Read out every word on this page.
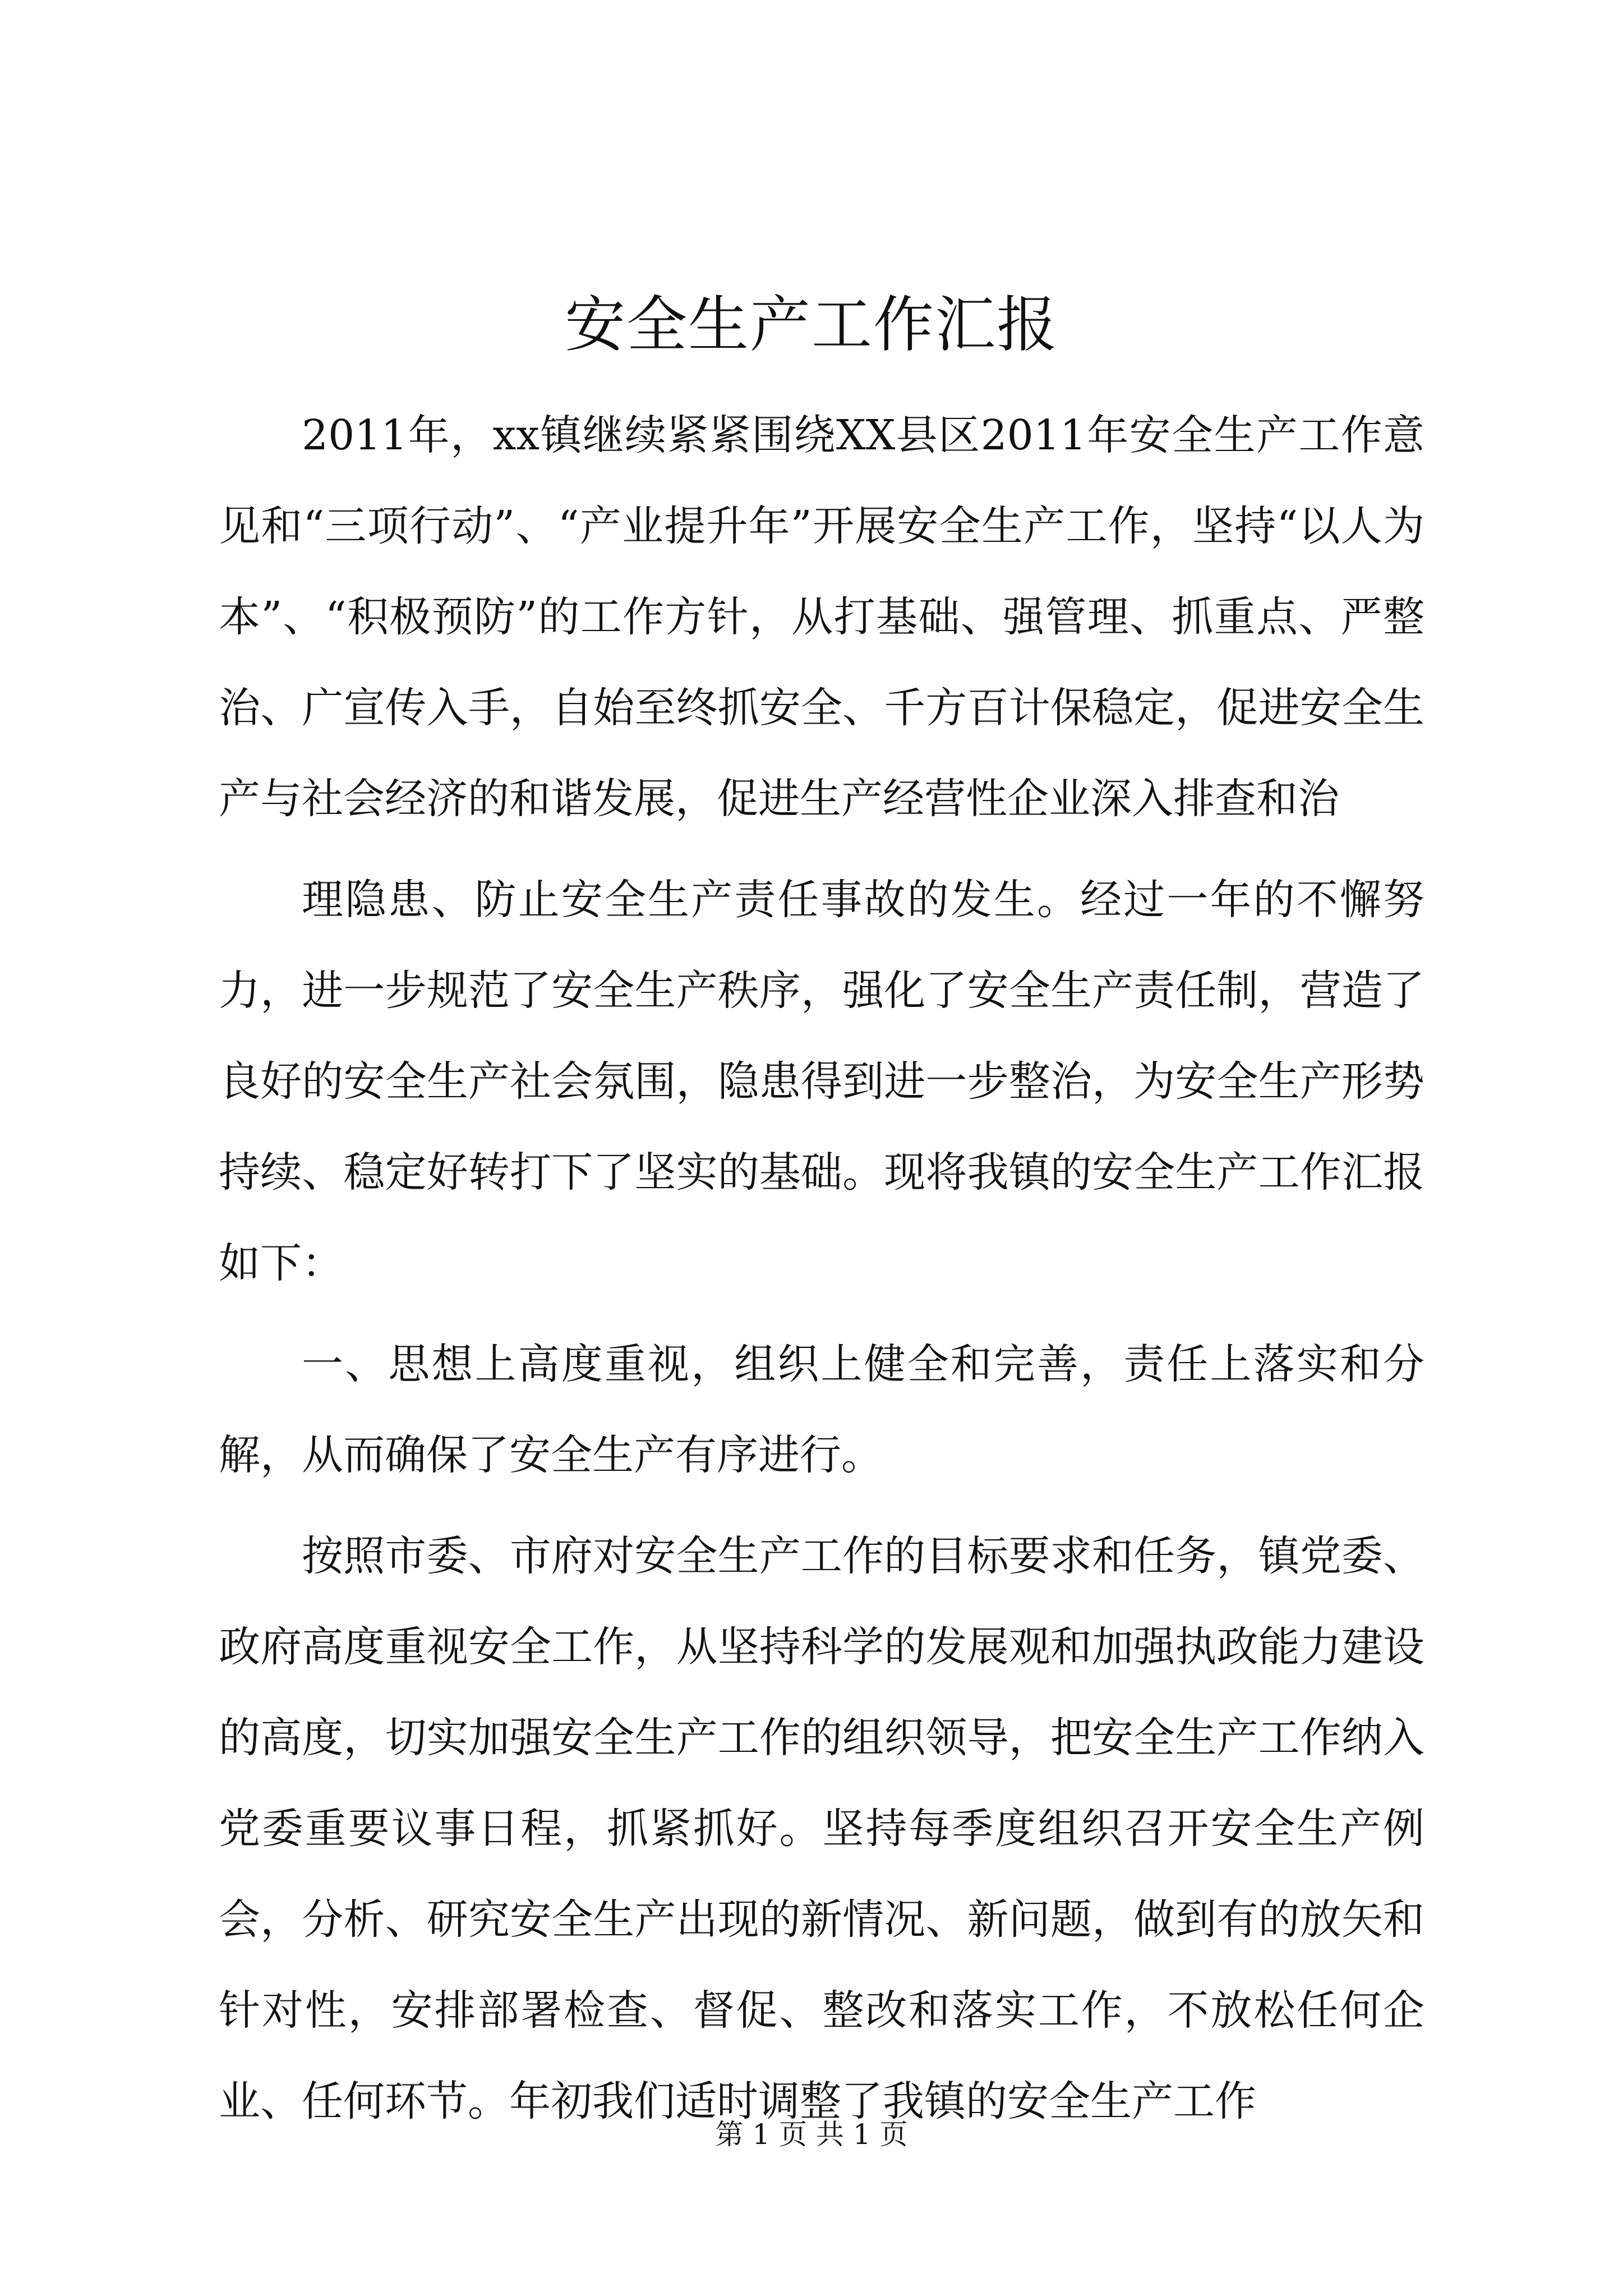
安全生产工作汇报

2011年，xx镇继续紧紧围绕XX县区2011年安全生产工作意见和“三项行动”、“产业提升年”开展安全生产工作，坚持“以人为本”、“积极预防”的工作方针，从打基础、强管理、抓重点、严整治、广宣传入手，自始至终抓安全、千方百计保稳定，促进安全生产与社会经济的和谐发展，促进生产经营性企业深入排查和治

理隐患、防止安全生产责任事故的发生。经过一年的不懈努力，进一步规范了安全生产秩序，强化了安全生产责任制，营造了良好的安全生产社会氛围，隐患得到进一步整治，为安全生产形势持续、稳定好转打下了坚实的基础。现将我镇的安全生产工作汇报如下：

一、思想上高度重视，组织上健全和完善，责任上落实和分解，从而确保了安全生产有序进行。

按照市委、市府对安全生产工作的目标要求和任务，镇党委、政府高度重视安全工作，从坚持科学的发展观和加强执政能力建设的高度，切实加强安全生产工作的组织领导，把安全生产工作纳入党委重要议事日程，抓紧抓好。坚持每季度组织召开安全生产例会，分析、研究安全生产出现的新情况、新问题，做到有的放矢和针对性，安排部署检查、督促、整改和落实工作，不放松任何企业、任何环节。年初我们适时调整了我镇的安全生产工作

第 1 页 共 1 页
